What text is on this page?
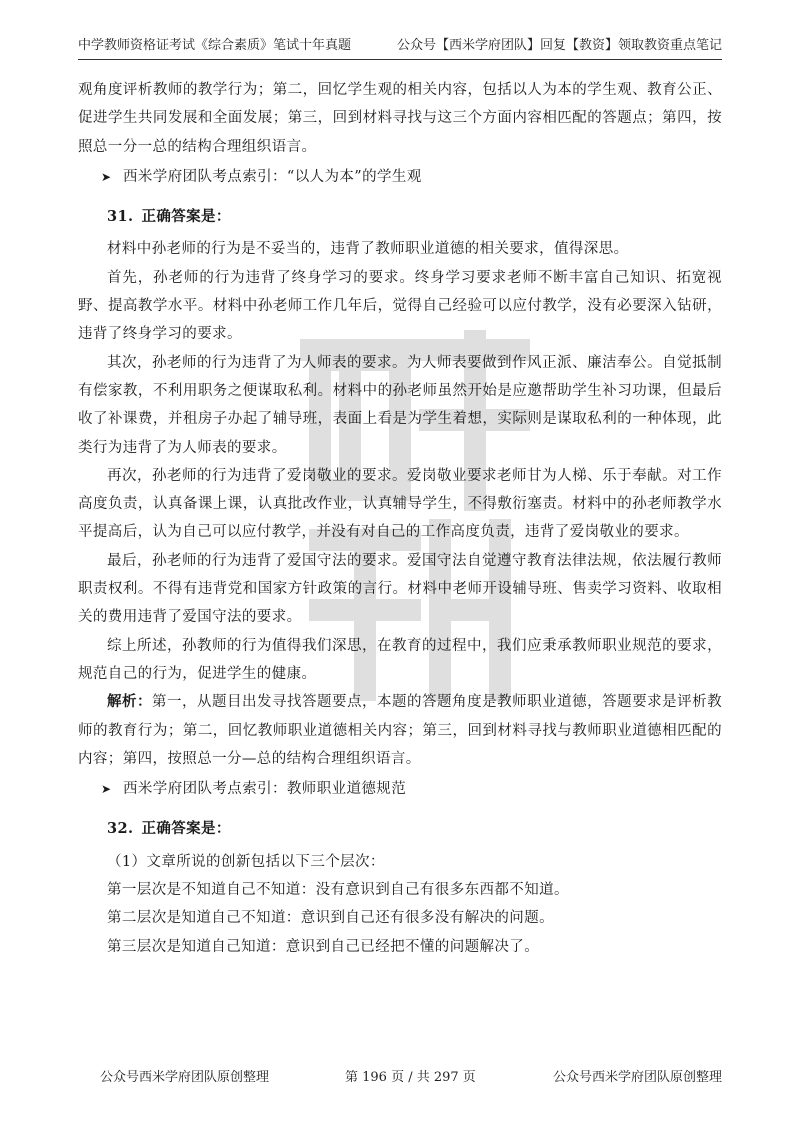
中学教师资格证考试《综合素质》笔试十年真题	公众号【西米学府团队】回复【教资】领取教资重点笔记

观角度评析教师的教学行为；第二，回忆学生观的相关内容，包括以人为本的学生观、教育公正、促进学生共同发展和全面发展；第三，回到材料寻找与这三个方面内容相匹配的答题点；第四，按照总一分一总的结构合理组织语言。

➤ 西米学府团队考点索引：“以人为本”的学生观

31. 正确答案是：

材料中孙老师的行为是不妥当的，违背了教师职业道德的相关要求，值得深思。

首先，孙老师的行为违背了终身学习的要求。终身学习要求老师不断丰富自己知识、拓宽视野、提高教学水平。材料中孙老师工作几年后，觉得自己经验可以应付教学，没有必要深入钻研，违背了终身学习的要求。

其次，孙老师的行为违背了为人师表的要求。为人师表要做到作风正派、廉洁奉公。自觉抵制有偿家教，不利用职务之便谋取私利。材料中的孙老师虽然开始是应邀帮助学生补习功课，但最后收了补课费，并租房子办起了辅导班，表面上看是为学生着想，实际则是谋取私利的一种体现，此类行为违背了为人师表的要求。

再次，孙老师的行为违背了爱岗敬业的要求。爱岗敬业要求老师甘为人梯、乐于奉献。对工作高度负责，认真备课上课，认真批改作业，认真辅导学生，不得敷衍塞责。材料中的孙老师教学水平提高后，认为自己可以应付教学，并没有对自己的工作高度负责，违背了爱岗敬业的要求。

最后，孙老师的行为违背了爱国守法的要求。爱国守法自觉遵守教育法律法规，依法履行教师职责权利。不得有违背党和国家方针政策的言行。材料中老师开设辅导班、售卖学习资料、收取相关的费用违背了爱国守法的要求。

综上所述，孙教师的行为值得我们深思，在教育的过程中，我们应秉承教师职业规范的要求，规范自己的行为，促进学生的健康。

解析：第一，从题目出发寻找答题要点，本题的答题角度是教师职业道德，答题要求是评析教师的教育行为；第二，回忆教师职业道德相关内容；第三，回到材料寻找与教师职业道德相匹配的内容；第四，按照总一分—总的结构合理组织语言。

➤ 西米学府团队考点索引：教师职业道德规范

32. 正确答案是：

（1）文章所说的创新包括以下三个层次：

第一层次是不知道自己不知道：没有意识到自己有很多东西都不知道。

第二层次是知道自己不知道：意识到自己还有很多没有解决的问题。

第三层次是知道自己知道：意识到自己已经把不懂的问题解决了。

公众号西米学府团队原创整理	第 196 页 / 共 297 页	公众号西米学府团队原创整理
